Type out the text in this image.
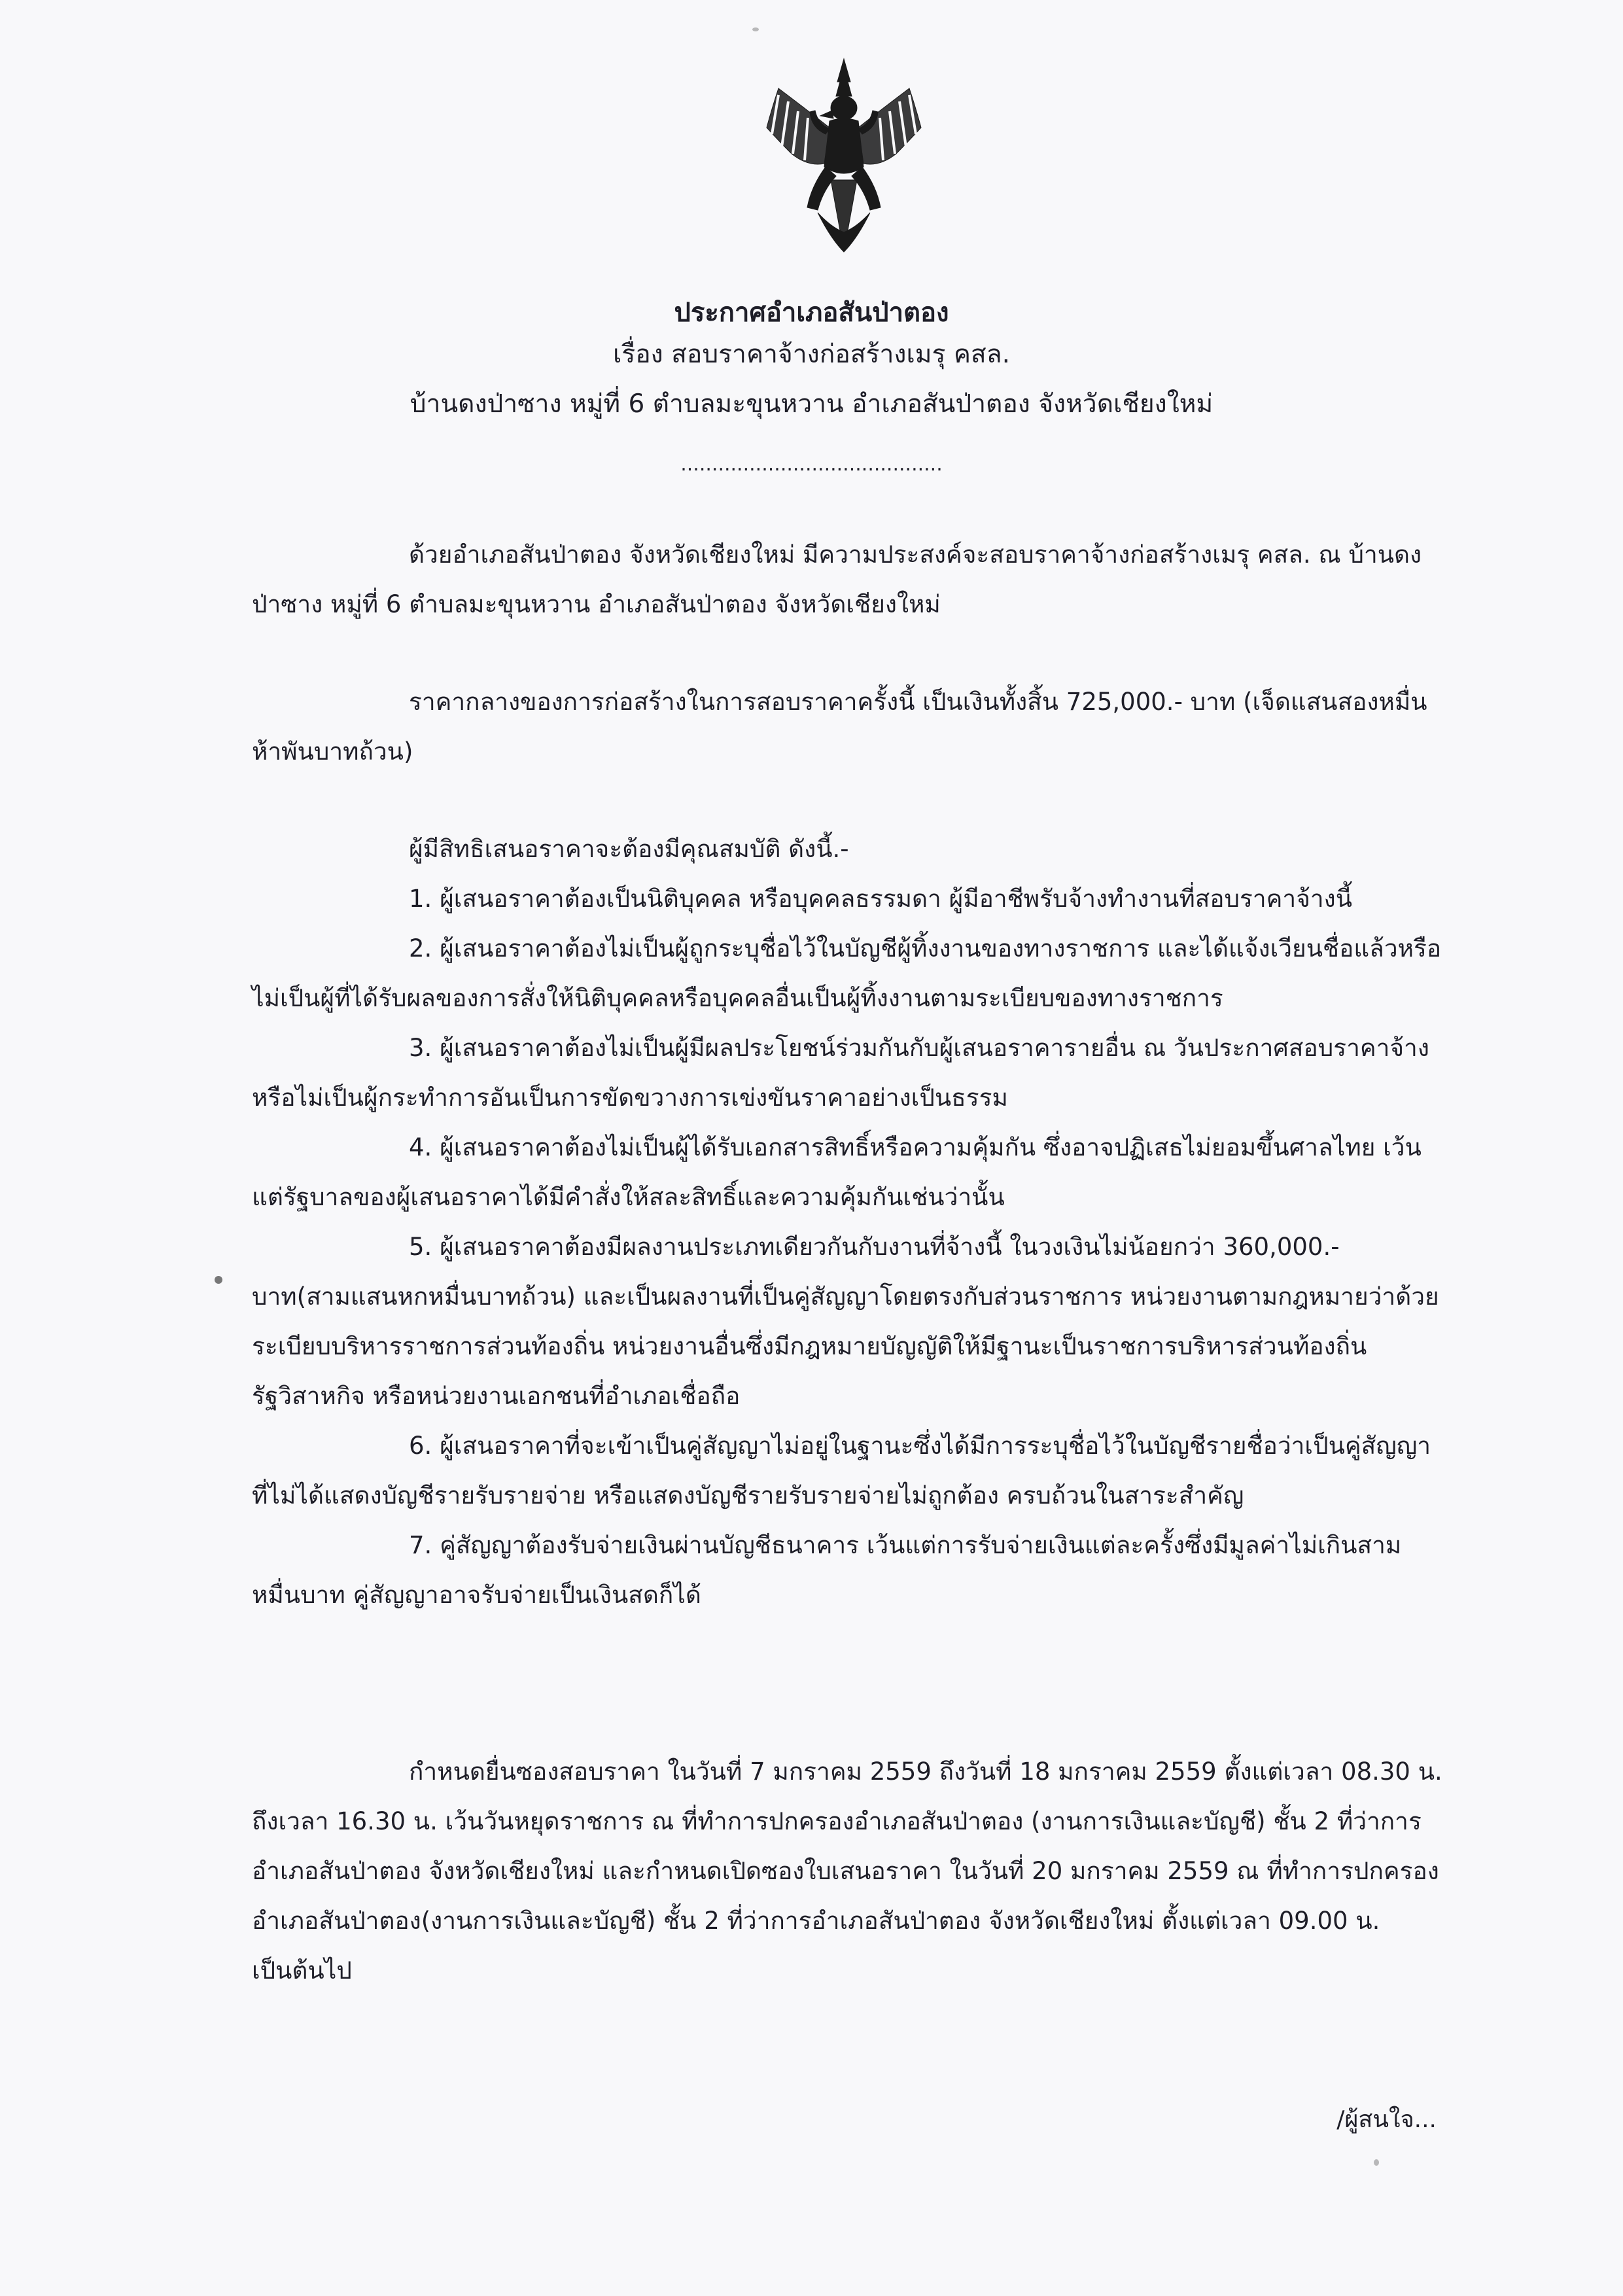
ประกาศอำเภอสันป่าตอง
เรื่อง สอบราคาจ้างก่อสร้างเมรุ คสล.
บ้านดงป่าซาง หมู่ที่ 6 ตำบลมะขุนหวาน อำเภอสันป่าตอง จังหวัดเชียงใหม่
..........................................

ด้วยอำเภอสันป่าตอง จังหวัดเชียงใหม่ มีความประสงค์จะสอบราคาจ้างก่อสร้างเมรุ คสล. ณ บ้านดงป่าซาง หมู่ที่ 6 ตำบลมะขุนหวาน อำเภอสันป่าตอง จังหวัดเชียงใหม่

ราคากลางของการก่อสร้างในการสอบราคาครั้งนี้ เป็นเงินทั้งสิ้น 725,000.- บาท (เจ็ดแสนสองหมื่นห้าพันบาทถ้วน)

ผู้มีสิทธิเสนอราคาจะต้องมีคุณสมบัติ ดังนี้.-

1. ผู้เสนอราคาต้องเป็นนิติบุคคล หรือบุคคลธรรมดา ผู้มีอาชีพรับจ้างทำงานที่สอบราคาจ้างนี้

2. ผู้เสนอราคาต้องไม่เป็นผู้ถูกระบุชื่อไว้ในบัญชีผู้ทิ้งงานของทางราชการ และได้แจ้งเวียนชื่อแล้วหรือไม่เป็นผู้ที่ได้รับผลของการสั่งให้นิติบุคคลหรือบุคคลอื่นเป็นผู้ทิ้งงานตามระเบียบของทางราชการ

3. ผู้เสนอราคาต้องไม่เป็นผู้มีผลประโยชน์ร่วมกันกับผู้เสนอราคารายอื่น ณ วันประกาศสอบราคาจ้างหรือไม่เป็นผู้กระทำการอันเป็นการขัดขวางการเข่งขันราคาอย่างเป็นธรรม

4. ผู้เสนอราคาต้องไม่เป็นผู้ได้รับเอกสารสิทธิ์หรือความคุ้มกัน ซึ่งอาจปฏิเสธไม่ยอมขึ้นศาลไทย เว้นแต่รัฐบาลของผู้เสนอราคาได้มีคำสั่งให้สละสิทธิ์และความคุ้มกันเช่นว่านั้น

5. ผู้เสนอราคาต้องมีผลงานประเภทเดียวกันกับงานที่จ้างนี้ ในวงเงินไม่น้อยกว่า 360,000.- บาท(สามแสนหกหมื่นบาทถ้วน) และเป็นผลงานที่เป็นคู่สัญญาโดยตรงกับส่วนราชการ หน่วยงานตามกฎหมายว่าด้วยระเบียบบริหารราชการส่วนท้องถิ่น หน่วยงานอื่นซึ่งมีกฎหมายบัญญัติให้มีฐานะเป็นราชการบริหารส่วนท้องถิ่น รัฐวิสาหกิจ หรือหน่วยงานเอกชนที่อำเภอเชื่อถือ

6. ผู้เสนอราคาที่จะเข้าเป็นคู่สัญญาไม่อยู่ในฐานะซึ่งได้มีการระบุชื่อไว้ในบัญชีรายชื่อว่าเป็นคู่สัญญาที่ไม่ได้แสดงบัญชีรายรับรายจ่าย หรือแสดงบัญชีรายรับรายจ่ายไม่ถูกต้อง ครบถ้วนในสาระสำคัญ

7. คู่สัญญาต้องรับจ่ายเงินผ่านบัญชีธนาคาร เว้นแต่การรับจ่ายเงินแต่ละครั้งซึ่งมีมูลค่าไม่เกินสามหมื่นบาท คู่สัญญาอาจรับจ่ายเป็นเงินสดก็ได้

กำหนดยื่นซองสอบราคา ในวันที่ 7 มกราคม 2559 ถึงวันที่ 18 มกราคม 2559 ตั้งแต่เวลา 08.30 น. ถึงเวลา 16.30 น. เว้นวันหยุดราชการ ณ ที่ทำการปกครองอำเภอสันป่าตอง (งานการเงินและบัญชี) ชั้น 2 ที่ว่าการอำเภอสันป่าตอง จังหวัดเชียงใหม่ และกำหนดเปิดซองใบเสนอราคา ในวันที่ 20 มกราคม 2559 ณ ที่ทำการปกครองอำเภอสันป่าตอง(งานการเงินและบัญชี) ชั้น 2 ที่ว่าการอำเภอสันป่าตอง จังหวัดเชียงใหม่ ตั้งแต่เวลา 09.00 น. เป็นต้นไป

/ผู้สนใจ...
